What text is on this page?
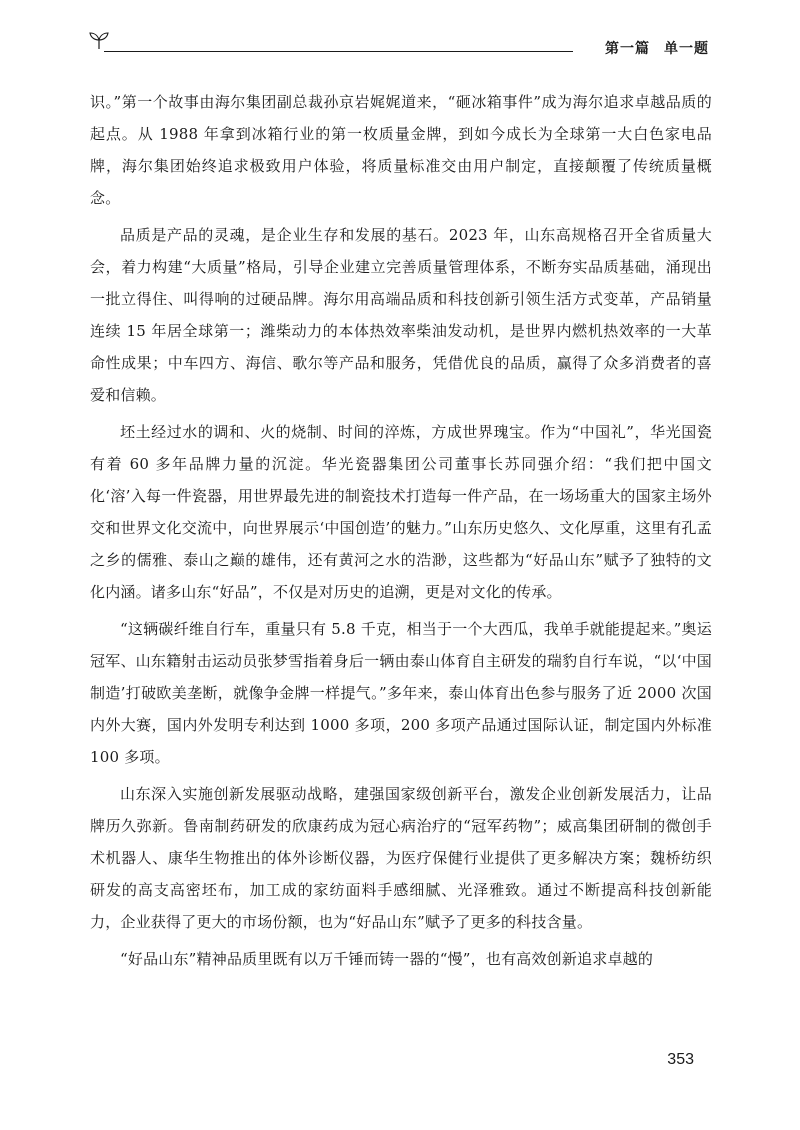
第一篇 单一题

识。”第一个故事由海尔集团副总裁孙京岩娓娓道来，“砸冰箱事件”成为海尔追求卓越品质的起点。从 1988 年拿到冰箱行业的第一枚质量金牌，到如今成长为全球第一大白色家电品牌，海尔集团始终追求极致用户体验，将质量标准交由用户制定，直接颠覆了传统质量概念。

品质是产品的灵魂，是企业生存和发展的基石。2023 年，山东高规格召开全省质量大会，着力构建“大质量”格局，引导企业建立完善质量管理体系，不断夯实品质基础，涌现出一批立得住、叫得响的过硬品牌。海尔用高端品质和科技创新引领生活方式变革，产品销量连续 15 年居全球第一；潍柴动力的本体热效率柴油发动机，是世界内燃机热效率的一大革命性成果；中车四方、海信、歌尔等产品和服务，凭借优良的品质，赢得了众多消费者的喜爱和信赖。

坯土经过水的调和、火的烧制、时间的淬炼，方成世界瑰宝。作为“中国礼”，华光国瓷有着 60 多年品牌力量的沉淀。华光瓷器集团公司董事长苏同强介绍：“我们把中国文化‘溶’入每一件瓷器，用世界最先进的制瓷技术打造每一件产品，在一场场重大的国家主场外交和世界文化交流中，向世界展示‘中国创造’的魅力。”山东历史悠久、文化厚重，这里有孔孟之乡的儒雅、泰山之巅的雄伟，还有黄河之水的浩渺，这些都为“好品山东”赋予了独特的文化内涵。诸多山东“好品”，不仅是对历史的追溯，更是对文化的传承。

“这辆碳纤维自行车，重量只有 5.8 千克，相当于一个大西瓜，我单手就能提起来。”奥运冠军、山东籍射击运动员张梦雪指着身后一辆由泰山体育自主研发的瑞豹自行车说，“以‘中国制造’打破欧美垄断，就像争金牌一样提气。”多年来，泰山体育出色参与服务了近 2000 次国内外大赛，国内外发明专利达到 1000 多项，200 多项产品通过国际认证，制定国内外标准 100 多项。

山东深入实施创新发展驱动战略，建强国家级创新平台，激发企业创新发展活力，让品牌历久弥新。鲁南制药研发的欣康药成为冠心病治疗的“冠军药物”；威高集团研制的微创手术机器人、康华生物推出的体外诊断仪器，为医疗保健行业提供了更多解决方案；魏桥纺织研发的高支高密坯布，加工成的家纺面料手感细腻、光泽雅致。通过不断提高科技创新能力，企业获得了更大的市场份额，也为“好品山东”赋予了更多的科技含量。

“好品山东”精神品质里既有以万千锤而铸一器的“慢”，也有高效创新追求卓越的

353
